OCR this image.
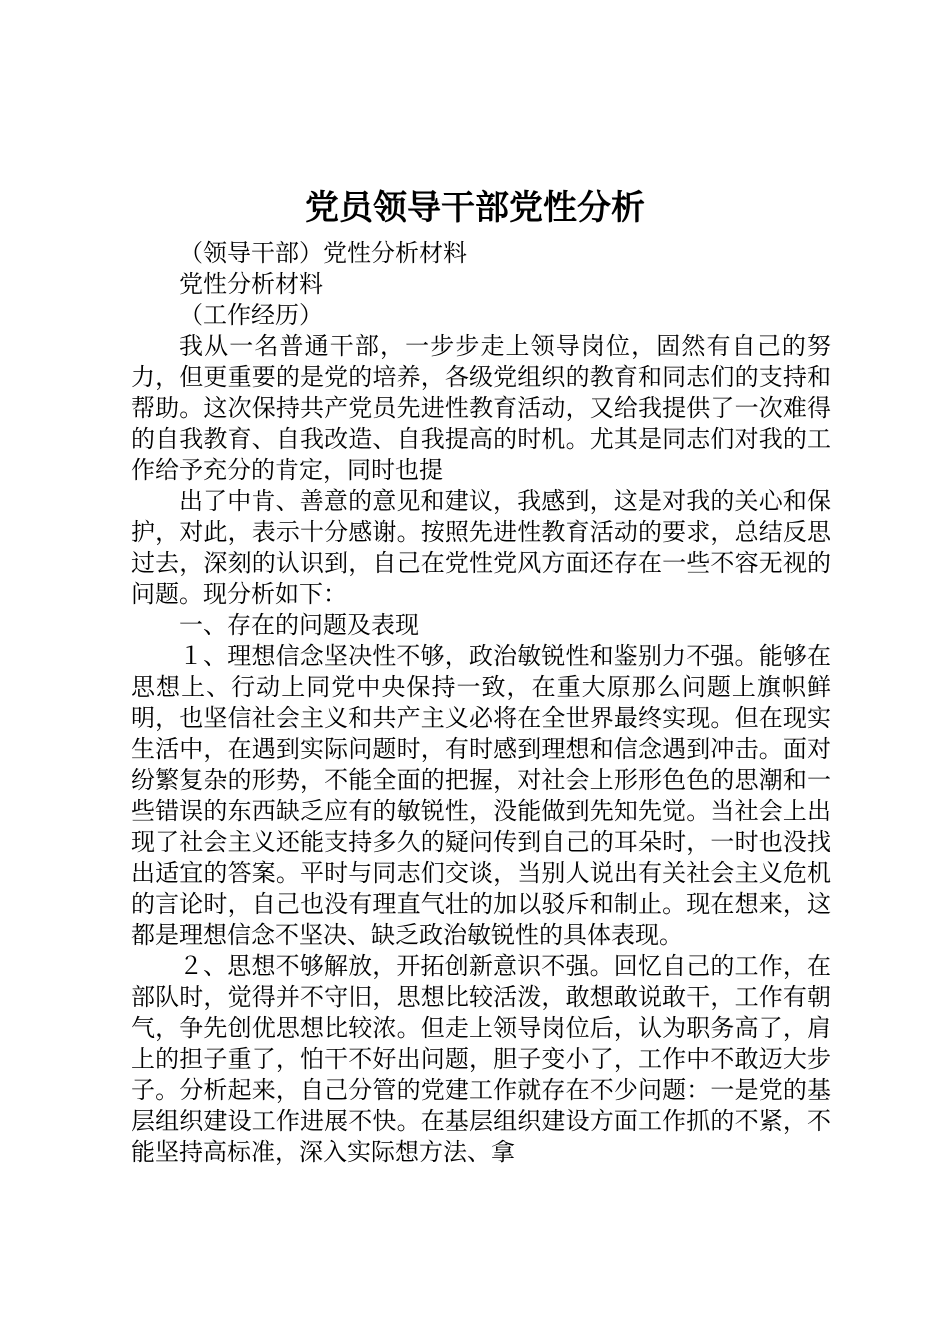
党员领导干部党性分析

（领导干部）党性分析材料

党性分析材料

（工作经历）

我从一名普通干部，一步步走上领导岗位，固然有自己的努力，但更重要的是党的培养，各级党组织的教育和同志们的支持和帮助。这次保持共产党员先进性教育活动，又给我提供了一次难得的自我教育、自我改造、自我提高的时机。尤其是同志们对我的工作给予充分的肯定，同时也提

出了中肯、善意的意见和建议，我感到，这是对我的关心和保护，对此，表示十分感谢。按照先进性教育活动的要求，总结反思过去，深刻的认识到，自己在党性党风方面还存在一些不容无视的问题。现分析如下：

一、存在的问题及表现

１、理想信念坚决性不够，政治敏锐性和鉴别力不强。能够在思想上、行动上同党中央保持一致，在重大原那么问题上旗帜鲜明，也坚信社会主义和共产主义必将在全世界最终实现。但在现实生活中，在遇到实际问题时，有时感到理想和信念遇到冲击。面对纷繁复杂的形势，不能全面的把握，对社会上形形色色的思潮和一些错误的东西缺乏应有的敏锐性，没能做到先知先觉。当社会上出现了社会主义还能支持多久的疑问传到自己的耳朵时，一时也没找出适宜的答案。平时与同志们交谈，当别人说出有关社会主义危机的言论时，自己也没有理直气壮的加以驳斥和制止。现在想来，这都是理想信念不坚决、缺乏政治敏锐性的具体表现。

２、思想不够解放，开拓创新意识不强。回忆自己的工作，在部队时，觉得并不守旧，思想比较活泼，敢想敢说敢干，工作有朝气，争先创优思想比较浓。但走上领导岗位后，认为职务高了，肩上的担子重了，怕干不好出问题，胆子变小了，工作中不敢迈大步子。分析起来，自己分管的党建工作就存在不少问题：一是党的基层组织建设工作进展不快。在基层组织建设方面工作抓的不紧，不能坚持高标准，深入实际想方法、拿
